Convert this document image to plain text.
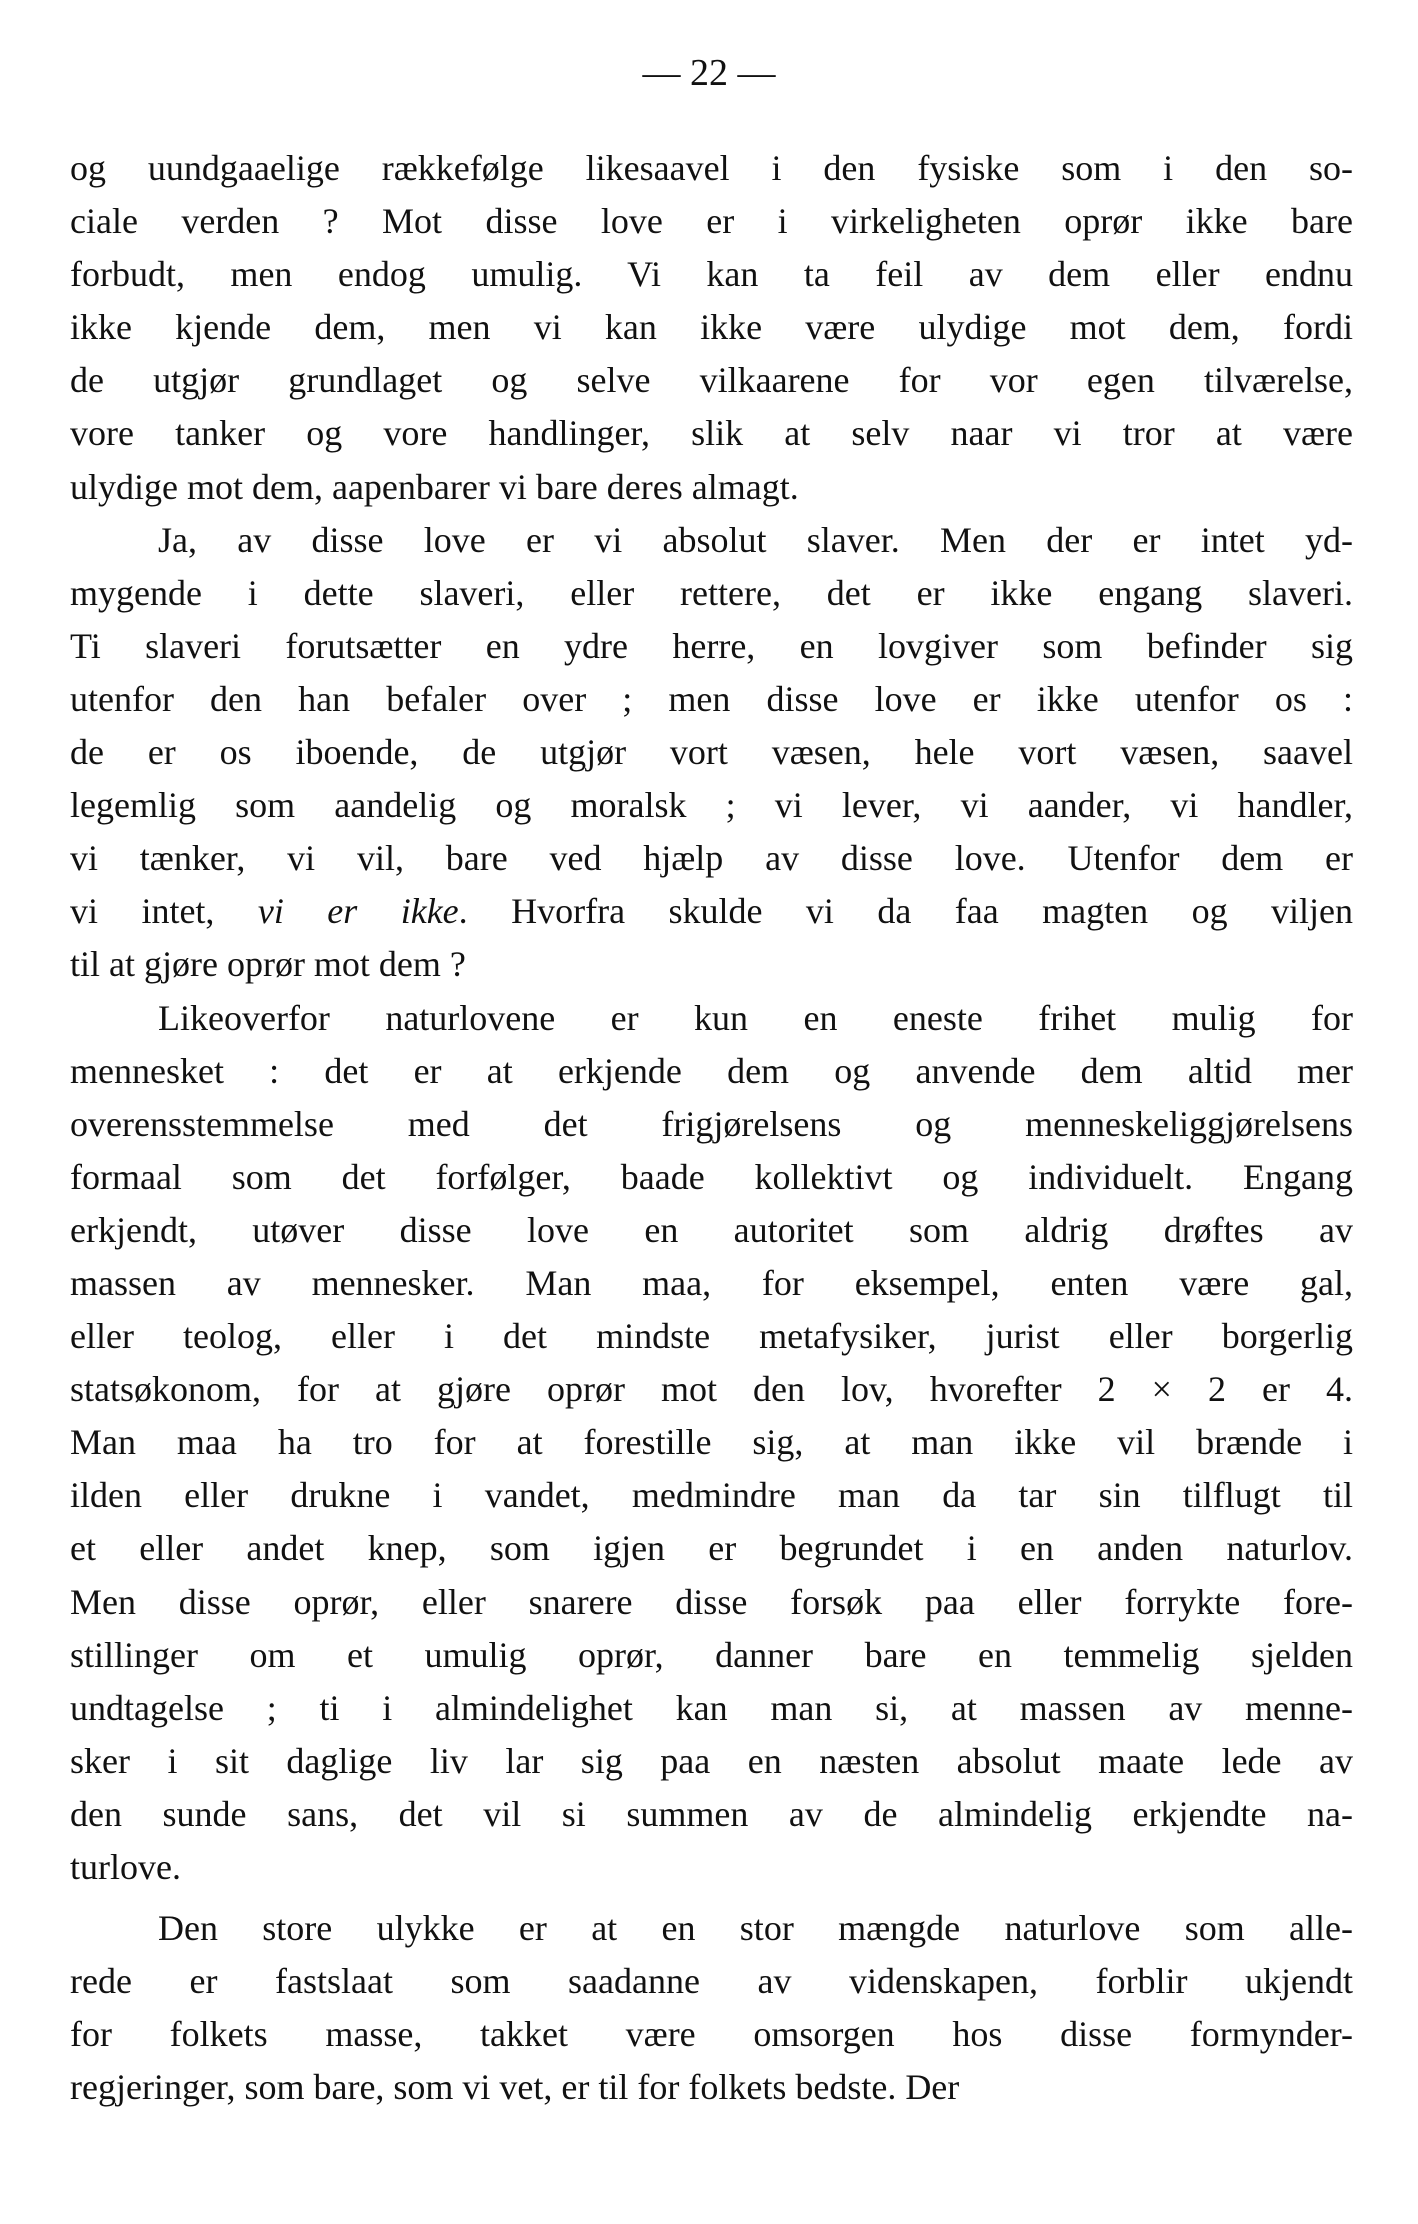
— 22 —
og uundgaaelige rækkefølge likesaavel i den fysiske som i den so-
ciale verden ? Mot disse love er i virkeligheten oprør ikke bare
forbudt, men endog umulig. Vi kan ta feil av dem eller endnu
ikke kjende dem, men vi kan ikke være ulydige mot dem, fordi
de utgjør grundlaget og selve vilkaarene for vor egen tilværelse,
vore tanker og vore handlinger, slik at selv naar vi tror at være
ulydige mot dem, aapenbarer vi bare deres almagt.
Ja, av disse love er vi absolut slaver. Men der er intet yd-
mygende i dette slaveri, eller rettere, det er ikke engang slaveri.
Ti slaveri forutsætter en ydre herre, en lovgiver som befinder sig
utenfor den han befaler over ; men disse love er ikke utenfor os :
de er os iboende, de utgjør vort væsen, hele vort væsen, saavel
legemlig som aandelig og moralsk ; vi lever, vi aander, vi handler,
vi tænker, vi vil, bare ved hjælp av disse love. Utenfor dem er
vi intet, vi er ikke. Hvorfra skulde vi da faa magten og viljen
til at gjøre oprør mot dem ?
Likeoverfor naturlovene er kun en eneste frihet mulig for
mennesket : det er at erkjende dem og anvende dem altid mer
overensstemmelse med det frigjørelsens og menneskeliggjørelsens
formaal som det forfølger, baade kollektivt og individuelt. Engang
erkjendt, utøver disse love en autoritet som aldrig drøftes av
massen av mennesker. Man maa, for eksempel, enten være gal,
eller teolog, eller i det mindste metafysiker, jurist eller borgerlig
statsøkonom, for at gjøre oprør mot den lov, hvorefter 2 × 2 er 4.
Man maa ha tro for at forestille sig, at man ikke vil brænde i
ilden eller drukne i vandet, medmindre man da tar sin tilflugt til
et eller andet knep, som igjen er begrundet i en anden naturlov.
Men disse oprør, eller snarere disse forsøk paa eller forrykte fore-
stillinger om et umulig oprør, danner bare en temmelig sjelden
undtagelse ; ti i almindelighet kan man si, at massen av menne-
sker i sit daglige liv lar sig paa en næsten absolut maate lede av
den sunde sans, det vil si summen av de almindelig erkjendte na-
turlove.
Den store ulykke er at en stor mængde naturlove som alle-
rede er fastslaat som saadanne av videnskapen, forblir ukjendt
for folkets masse, takket være omsorgen hos disse formynder-
regjeringer, som bare, som vi vet, er til for folkets bedste. Der
